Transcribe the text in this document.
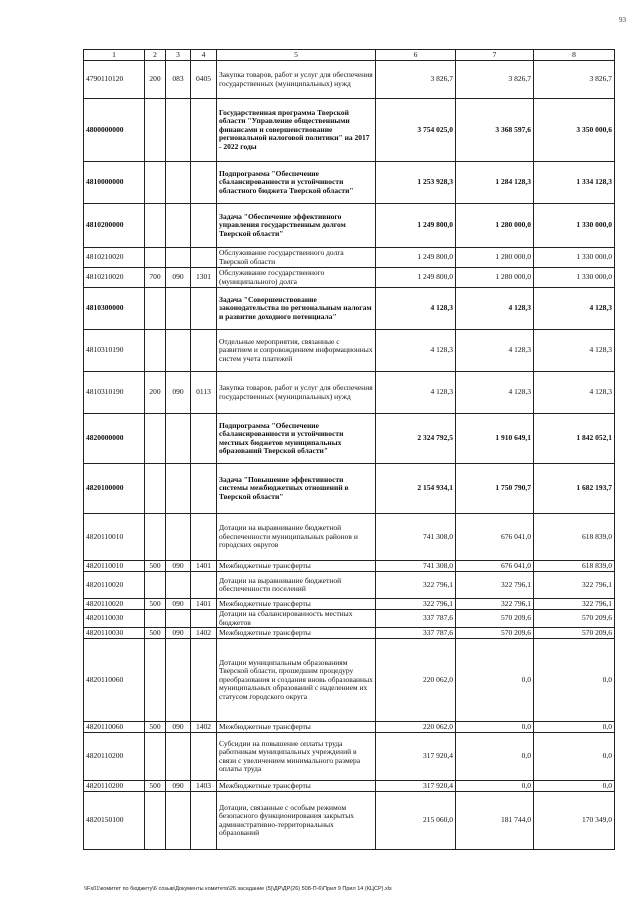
93
1	2	3	4	5	6	7	8
4790110120	200	083	0405	Закупка товаров, работ и услуг для обеспечения государственных (муниципальных) нужд	3 826,7	3 826,7	3 826,7
4800000000				Государственная программа Тверской области "Управление общественными финансами и совершенствование региональной налоговой политики" на 2017 - 2022 годы	3 754 025,0	3 368 597,6	3 350 000,6
4810000000				Подпрограмма "Обеспечение сбалансированности и устойчивости областного бюджета Тверской области"	1 253 928,3	1 284 128,3	1 334 128,3
4810200000				Задача "Обеспечение эффективного управления государственным долгом Тверской области"	1 249 800,0	1 280 000,0	1 330 000,0
4810210020				Обслуживание государственного долга Тверской области	1 249 800,0	1 280 000,0	1 330 000,0
4810210020	700	090	1301	Обслуживание государственного (муниципального) долга	1 249 800,0	1 280 000,0	1 330 000,0
4810300000				Задача "Совершенствование законодательства по региональным налогам и развитие доходного потенциала"	4 128,3	4 128,3	4 128,3
4810310190				Отдельные мероприятия, связанные с развитием и сопровождением информационных систем учета платежей	4 128,3	4 128,3	4 128,3
4810310190	200	090	0113	Закупка товаров, работ и услуг для обеспечения государственных (муниципальных) нужд	4 128,3	4 128,3	4 128,3
4820000000				Подпрограмма "Обеспечение сбалансированности и устойчивости местных бюджетов муниципальных образований Тверской области"	2 324 792,5	1 910 649,1	1 842 052,1
4820100000				Задача "Повышение эффективности системы межбюджетных отношений в Тверской области"	2 154 934,1	1 750 790,7	1 682 193,7
4820110010				Дотации на выравнивание бюджетной обеспеченности муниципальных районов и городских округов	741 308,0	676 041,0	618 839,0
4820110010	500	090	1401	Межбюджетные трансферты	741 308,0	676 041,0	618 839,0
4820110020				Дотации на выравнивание бюджетной обеспеченности поселений	322 796,1	322 796,1	322 796,1
4820110020	500	090	1401	Межбюджетные трансферты	322 796,1	322 796,1	322 796,1
4820110030				Дотации на сбалансированность местных бюджетов	337 787,6	570 209,6	570 209,6
4820110030	500	090	1402	Межбюджетные трансферты	337 787,6	570 209,6	570 209,6
4820110060				Дотации муниципальным образованиям Тверской области, прошедшим процедуру преобразования и создания вновь образованных муниципальных образований с наделением их статусом городского округа	220 062,0	0,0	0,0
4820110060	500	090	1402	Межбюджетные трансферты	220 062,0	0,0	0,0
4820110200				Субсидии на повышение оплаты труда работникам муниципальных учреждений в связи с увеличением минимального размера оплаты труда	317 920,4	0,0	0,0
4820110200	500	090	1403	Межбюджетные трансферты	317 920,4	0,0	0,0
4820150100				Дотации, связанные с особым режимом безопасного функционирования закрытых административно-территориальных образований	215 060,0	181 744,0	170 349,0
\\Fs01\комитет по бюджету\6 созыв\Документы комитета\26 заседание (5)\ДР\ДР(26) 508-П-6\Прил 9 Прил 14 (КЦСР).xls
